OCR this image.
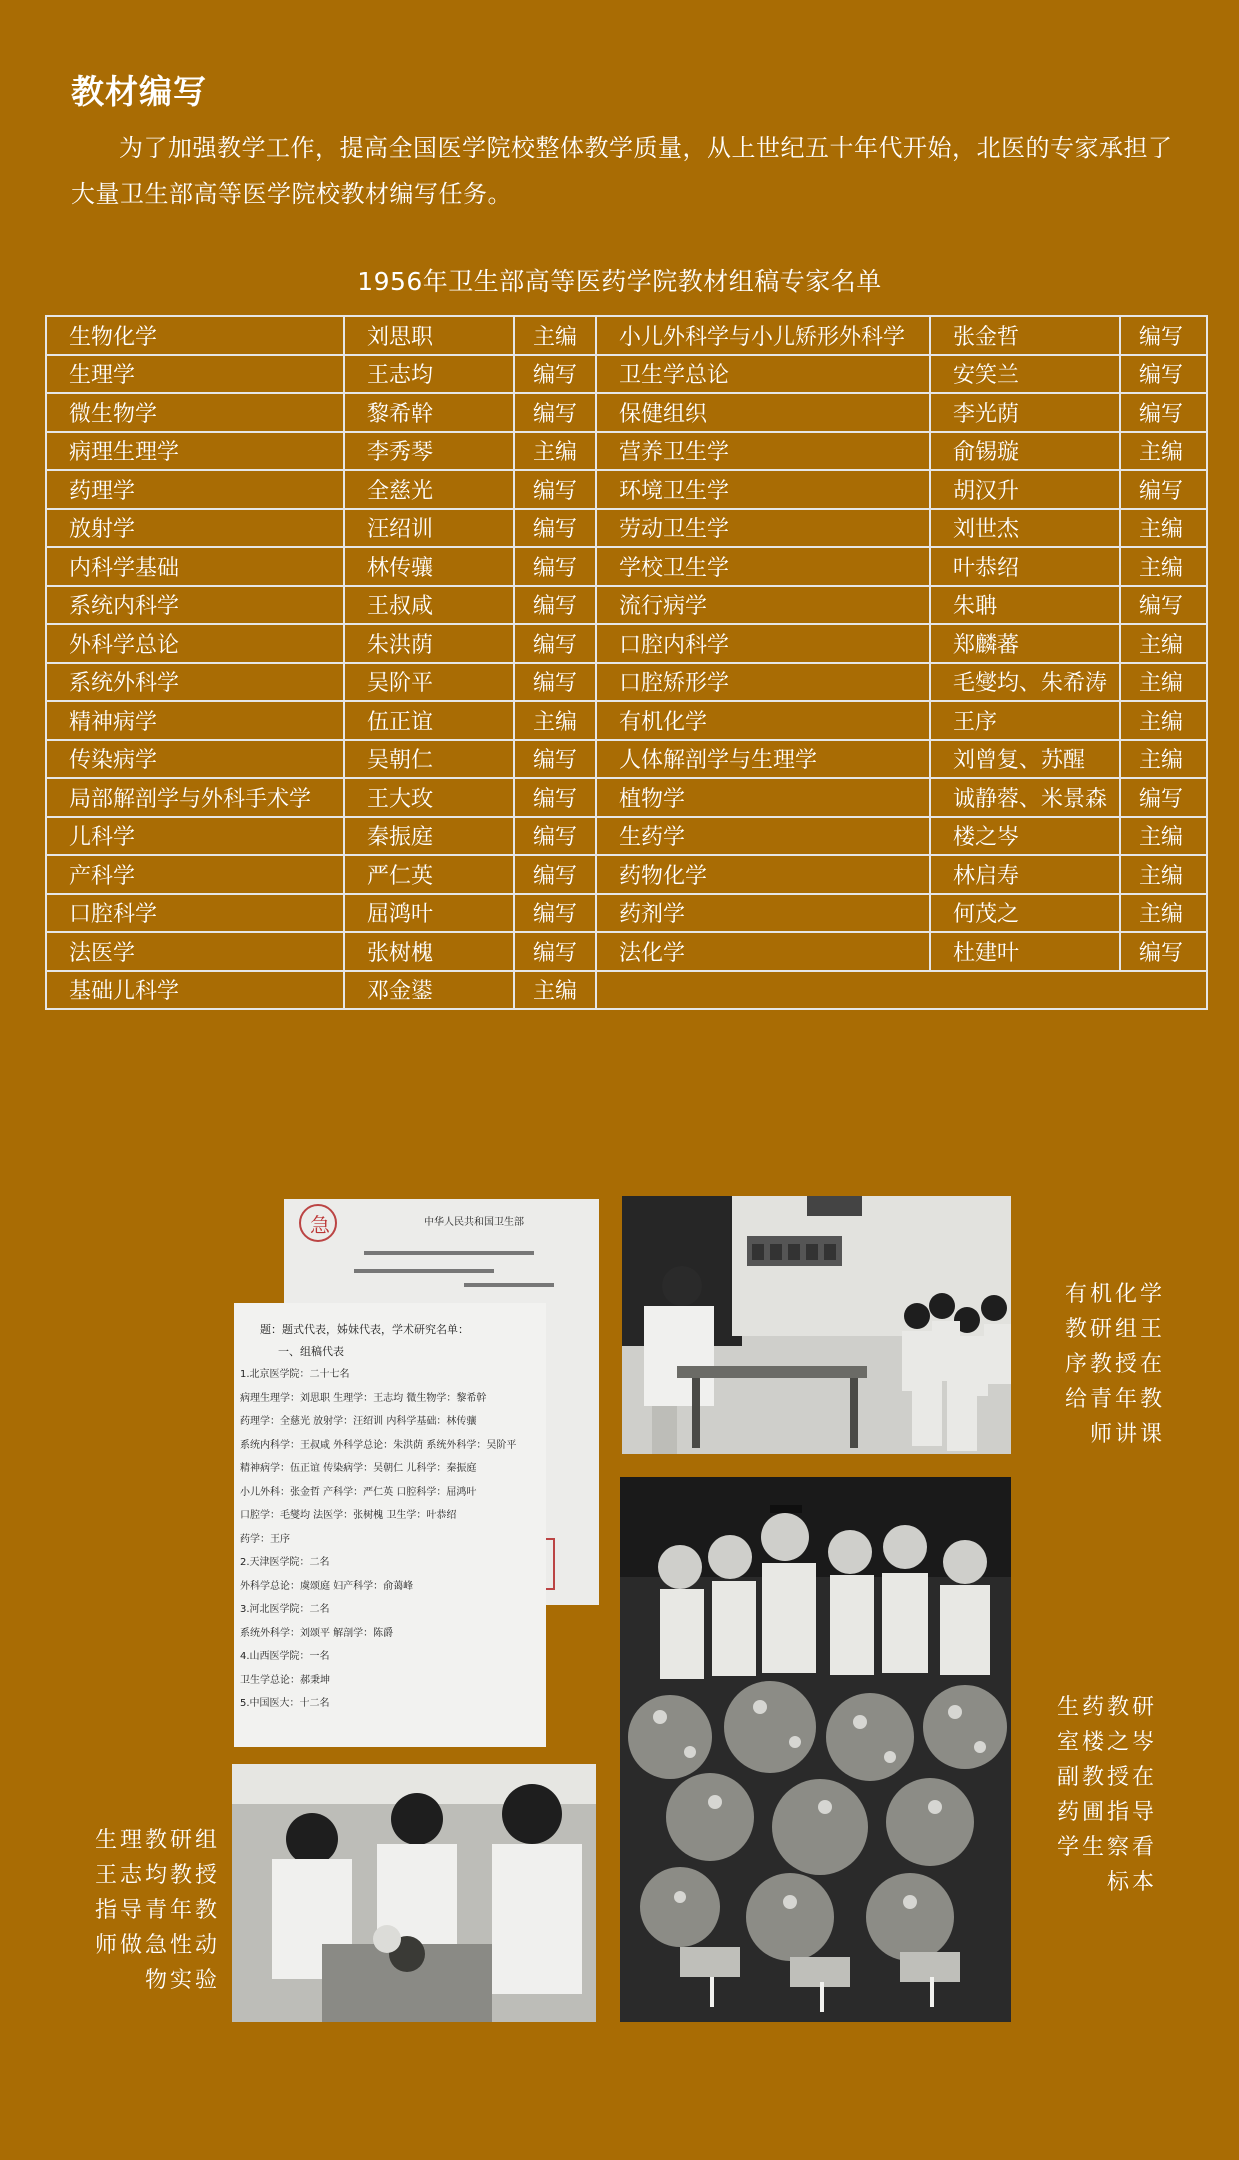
教材编写
为了加强教学工作，提高全国医学院校整体教学质量，从上世纪五十年代开始，北医的专家承担了大量卫生部高等医学院校教材编写任务。
1956年卫生部高等医药学院教材组稿专家名单
生物化学	刘思职	主编	小儿外科学与小儿矫形外科学	张金哲	编写
生理学	王志均	编写	卫生学总论	安笑兰	编写
微生物学	黎希幹	编写	保健组织	李光荫	编写
病理生理学	李秀琴	主编	营养卫生学	俞锡璇	主编
药理学	全慈光	编写	环境卫生学	胡汉升	编写
放射学	汪绍训	编写	劳动卫生学	刘世杰	主编
内科学基础	林传骧	编写	学校卫生学	叶恭绍	主编
系统内科学	王叔咸	编写	流行病学	朱聃	编写
外科学总论	朱洪荫	编写	口腔内科学	郑麟蕃	主编
系统外科学	吴阶平	编写	口腔矫形学	毛燮均、朱希涛	主编
精神病学	伍正谊	主编	有机化学	王序	主编
传染病学	吴朝仁	编写	人体解剖学与生理学	刘曾复、苏醒	主编
局部解剖学与外科手术学	王大玫	编写	植物学	诚静蓉、米景森	编写
儿科学	秦振庭	编写	生药学	楼之岑	主编
产科学	严仁英	编写	药物化学	林启寿	主编
口腔科学	屈鸿叶	编写	药剂学	何茂之	主编
法医学	张树槐	编写	法化学	杜建叶	编写
基础儿科学	邓金鍙	主编			
急	中华人民共和国卫生部
题：题式代表，姊妹代表，学术研究名单：
一、组稿代表
1.北京医学院：二十七名
病理生理学：刘思职 生理学：王志均 微生物学：黎希幹
药理学：全慈光 放射学：汪绍训 内科学基础：林传骧
系统内科学：王叔咸 外科学总论：朱洪荫 系统外科学：吴阶平
精神病学：伍正谊 传染病学：吴朝仁 儿科学：秦振庭
小儿外科：张金哲 产科学：严仁英 口腔科学：屈鸿叶
口腔学：毛燮均 法医学：张树槐 卫生学：叶恭绍
药学：王序
2.天津医学院：二名
外科学总论：虞颂庭 妇产科学：俞蔼峰
3.河北医学院：二名
系统外科学：刘颂平 解剖学：陈爵
4.山西医学院：一名
卫生学总论：郝秉坤
5.中国医大：十二名
有机化学教研组王序教授在给青年教师讲课
生药教研室楼之岑副教授在药圃指导学生察看标本
生理教研组王志均教授指导青年教师做急性动物实验
